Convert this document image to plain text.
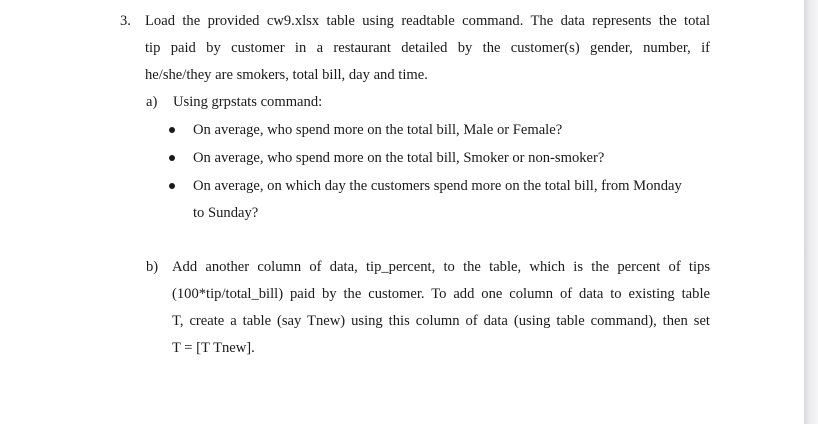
3. Load the provided cw9.xlsx table using readtable command. The data represents the total
tip paid by customer in a restaurant detailed by the customer(s) gender, number, if
he/she/they are smokers, total bill, day and time.
a) Using grpstats command:
On average, who spend more on the total bill, Male or Female?
On average, who spend more on the total bill, Smoker or non-smoker?
On average, on which day the customers spend more on the total bill, from Monday
to Sunday?
b) Add another column of data, tip_percent, to the table, which is the percent of tips
(100*tip/total_bill) paid by the customer. To add one column of data to existing table
T, create a table (say Tnew) using this column of data (using table command), then set
T = [T Tnew].
